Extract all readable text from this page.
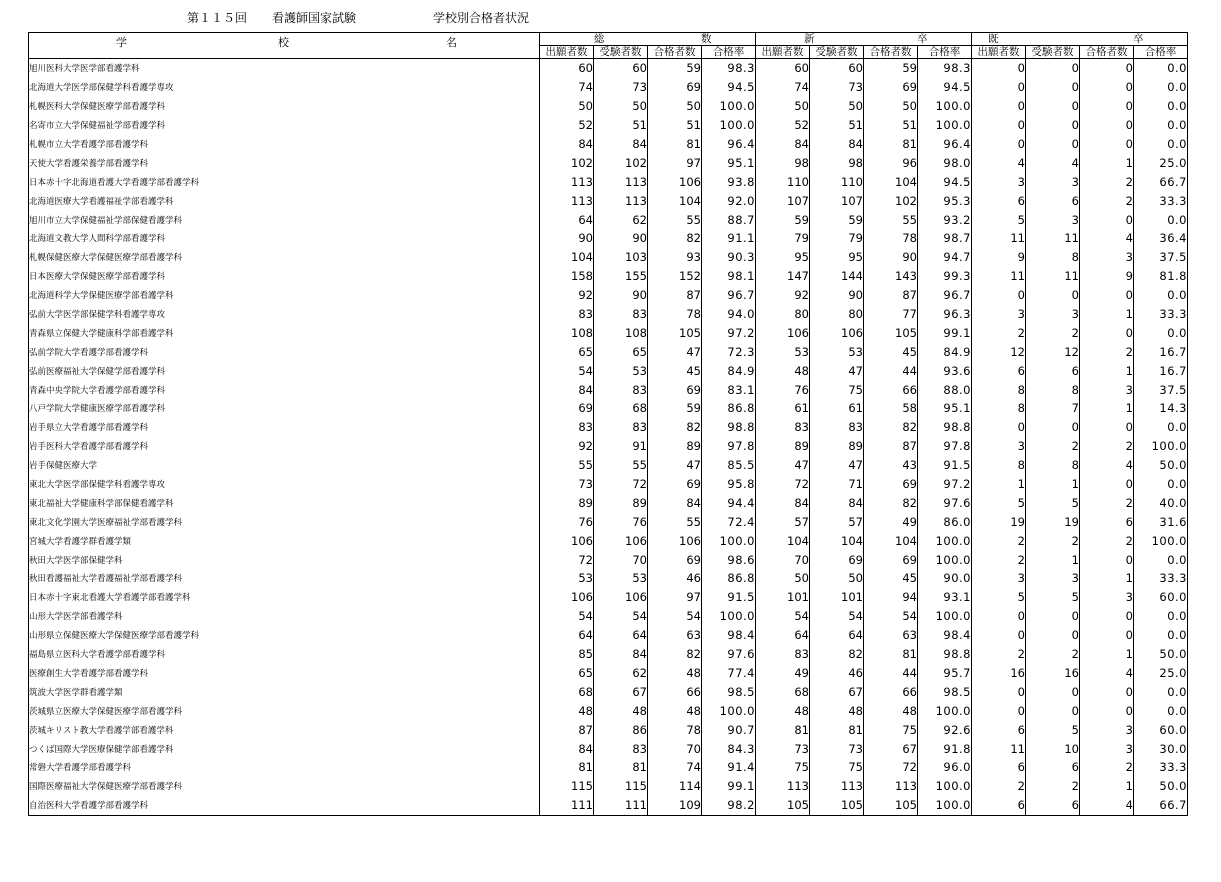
第１１５回 看護師国家試験	学校別合格者状況
学 校 名	総 数				新 卒				既 卒			

	出願者数	受験者数	合格者数	合格率	出願者数	受験者数	合格者数	合格率	出願者数	受験者数	合格者数	合格率
旭川医科大学医学部看護学科	60	60	59	98.3	60	60	59	98.3	0	0	0	0.0
北海道大学医学部保健学科看護学専攻	74	73	69	94.5	74	73	69	94.5	0	0	0	0.0
札幌医科大学保健医療学部看護学科	50	50	50	100.0	50	50	50	100.0	0	0	0	0.0
名寄市立大学保健福祉学部看護学科	52	51	51	100.0	52	51	51	100.0	0	0	0	0.0
札幌市立大学看護学部看護学科	84	84	81	96.4	84	84	81	96.4	0	0	0	0.0
天使大学看護栄養学部看護学科	102	102	97	95.1	98	98	96	98.0	4	4	1	25.0
日本赤十字北海道看護大学看護学部看護学科	113	113	106	93.8	110	110	104	94.5	3	3	2	66.7
北海道医療大学看護福祉学部看護学科	113	113	104	92.0	107	107	102	95.3	6	6	2	33.3
旭川市立大学保健福祉学部保健看護学科	64	62	55	88.7	59	59	55	93.2	5	3	0	0.0
北海道文教大学人間科学部看護学科	90	90	82	91.1	79	79	78	98.7	11	11	4	36.4
札幌保健医療大学保健医療学部看護学科	104	103	93	90.3	95	95	90	94.7	9	8	3	37.5
日本医療大学保健医療学部看護学科	158	155	152	98.1	147	144	143	99.3	11	11	9	81.8
北海道科学大学保健医療学部看護学科	92	90	87	96.7	92	90	87	96.7	0	0	0	0.0
弘前大学医学部保健学科看護学専攻	83	83	78	94.0	80	80	77	96.3	3	3	1	33.3
青森県立保健大学健康科学部看護学科	108	108	105	97.2	106	106	105	99.1	2	2	0	0.0
弘前学院大学看護学部看護学科	65	65	47	72.3	53	53	45	84.9	12	12	2	16.7
弘前医療福祉大学保健学部看護学科	54	53	45	84.9	48	47	44	93.6	6	6	1	16.7
青森中央学院大学看護学部看護学科	84	83	69	83.1	76	75	66	88.0	8	8	3	37.5
八戸学院大学健康医療学部看護学科	69	68	59	86.8	61	61	58	95.1	8	7	1	14.3
岩手県立大学看護学部看護学科	83	83	82	98.8	83	83	82	98.8	0	0	0	0.0
岩手医科大学看護学部看護学科	92	91	89	97.8	89	89	87	97.8	3	2	2	100.0
岩手保健医療大学	55	55	47	85.5	47	47	43	91.5	8	8	4	50.0
東北大学医学部保健学科看護学専攻	73	72	69	95.8	72	71	69	97.2	1	1	0	0.0
東北福祉大学健康科学部保健看護学科	89	89	84	94.4	84	84	82	97.6	5	5	2	40.0
東北文化学園大学医療福祉学部看護学科	76	76	55	72.4	57	57	49	86.0	19	19	6	31.6
宮城大学看護学群看護学類	106	106	106	100.0	104	104	104	100.0	2	2	2	100.0
秋田大学医学部保健学科	72	70	69	98.6	70	69	69	100.0	2	1	0	0.0
秋田看護福祉大学看護福祉学部看護学科	53	53	46	86.8	50	50	45	90.0	3	3	1	33.3
日本赤十字東北看護大学看護学部看護学科	106	106	97	91.5	101	101	94	93.1	5	5	3	60.0
山形大学医学部看護学科	54	54	54	100.0	54	54	54	100.0	0	0	0	0.0
山形県立保健医療大学保健医療学部看護学科	64	64	63	98.4	64	64	63	98.4	0	0	0	0.0
福島県立医科大学看護学部看護学科	85	84	82	97.6	83	82	81	98.8	2	2	1	50.0
医療創生大学看護学部看護学科	65	62	48	77.4	49	46	44	95.7	16	16	4	25.0
筑波大学医学群看護学類	68	67	66	98.5	68	67	66	98.5	0	0	0	0.0
茨城県立医療大学保健医療学部看護学科	48	48	48	100.0	48	48	48	100.0	0	0	0	0.0
茨城キリスト教大学看護学部看護学科	87	86	78	90.7	81	81	75	92.6	6	5	3	60.0
つくば国際大学医療保健学部看護学科	84	83	70	84.3	73	73	67	91.8	11	10	3	30.0
常磐大学看護学部看護学科	81	81	74	91.4	75	75	72	96.0	6	6	2	33.3
国際医療福祉大学保健医療学部看護学科	115	115	114	99.1	113	113	113	100.0	2	2	1	50.0
自治医科大学看護学部看護学科	111	111	109	98.2	105	105	105	100.0	6	6	4	66.7
